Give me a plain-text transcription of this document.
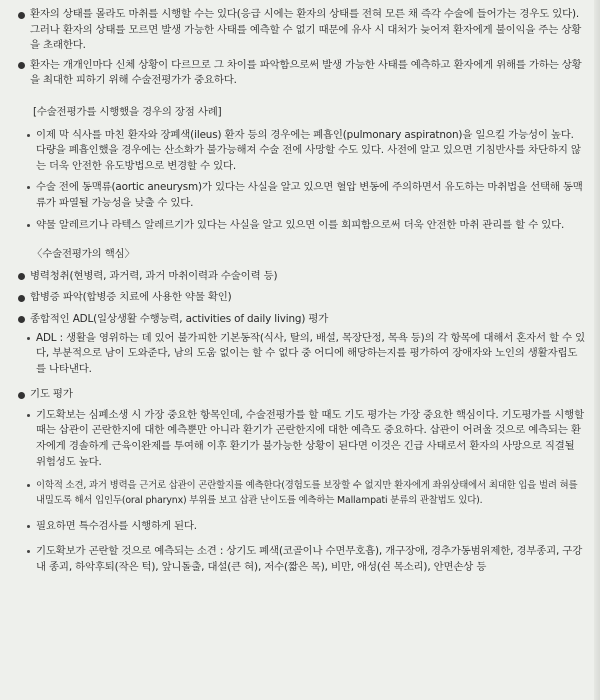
환자의 상태를 몰라도 마취를 시행할 수는 있다(응급 시에는 환자의 상태를 전혀 모른 채 즉각 수술에 들어가는 경우도 있다). 그러나 환자의 상태를 모르면 발생 가능한 사태를 예측할 수 없기 때문에 유사 시 대처가 늦어져 환자에게 불이익을 주는 상황을 초래한다.

환자는 개개인마다 신체 상황이 다르므로 그 차이를 파악함으로써 발생 가능한 사태를 예측하고 환자에게 위해를 가하는 상황을 최대한 피하기 위해 수술전평가가 중요하다.

[수술전평가를 시행했을 경우의 장점 사례]

이제 막 식사를 마친 환자와 장폐색(ileus) 환자 등의 경우에는 폐흡인(pulmonary aspiratnon)을 일으킬 가능성이 높다. 다량을 폐흡인했을 경우에는 산소화가 불가능해져 수술 전에 사망할 수도 있다. 사전에 알고 있으면 기침반사를 차단하지 않는 더욱 안전한 유도방법으로 변경할 수 있다.

수술 전에 동맥류(aortic aneurysm)가 있다는 사실을 알고 있으면 혈압 변동에 주의하면서 유도하는 마취법을 선택해 동맥류가 파열될 가능성을 낮출 수 있다.

약물 알레르기나 라텍스 알레르기가 있다는 사실을 알고 있으면 이를 회피함으로써 더욱 안전한 마취 관리를 할 수 있다.

〈수술전평가의 핵심〉

병력청취(현병력, 과거력, 과거 마취이력과 수술이력 등)

합병증 파악(합병증 치료에 사용한 약물 확인)

종합적인 ADL(일상생활 수행능력, activities of daily living) 평가

ADL : 생활을 영위하는 데 있어 불가피한 기본동작(식사, 탈의, 배설, 목장단정, 목욕 등)의 각 항목에 대해서 혼자서 할 수 있다, 부분적으로 남이 도와준다, 남의 도움 없이는 할 수 없다 중 어디에 해당하는지를 평가하여 장애자와 노인의 생활자립도를 나타낸다.

기도 평가

기도확보는 심폐소생 시 가장 중요한 항목인데, 수술전평가를 할 때도 기도 평가는 가장 중요한 핵심이다. 기도평가를 시행할 때는 삽관이 곤란한지에 대한 예측뿐만 아니라 환기가 곤란한지에 대한 예측도 중요하다. 삽관이 어려울 것으로 예측되는 환자에게 경솔하게 근육이완제를 투여해 이후 환기가 불가능한 상황이 된다면 이것은 긴급 사태로서 환자의 사망으로 직결될 위험성도 높다.

이학적 소견, 과거 병력을 근거로 삽관이 곤란할지를 예측한다(경험도를 보장할 수 없지만 환자에게 좌위상태에서 최대한 입을 벌려 혀를 내밀도록 해서 입인두(oral pharynx) 부위를 보고 삽관 난이도를 예측하는 Mallampati 분류의 관찰법도 있다).

필요하면 특수검사를 시행하게 된다.

기도확보가 곤란할 것으로 예측되는 소견 : 상기도 폐색(코골이나 수면무호흡), 개구장애, 경추가동범위제한, 경부종괴, 구강 내 종괴, 하악후퇴(작은 턱), 앞니돌출, 대설(큰 혀), 저수(짧은 목), 비만, 애성(쉰 목소리), 안면손상 등
